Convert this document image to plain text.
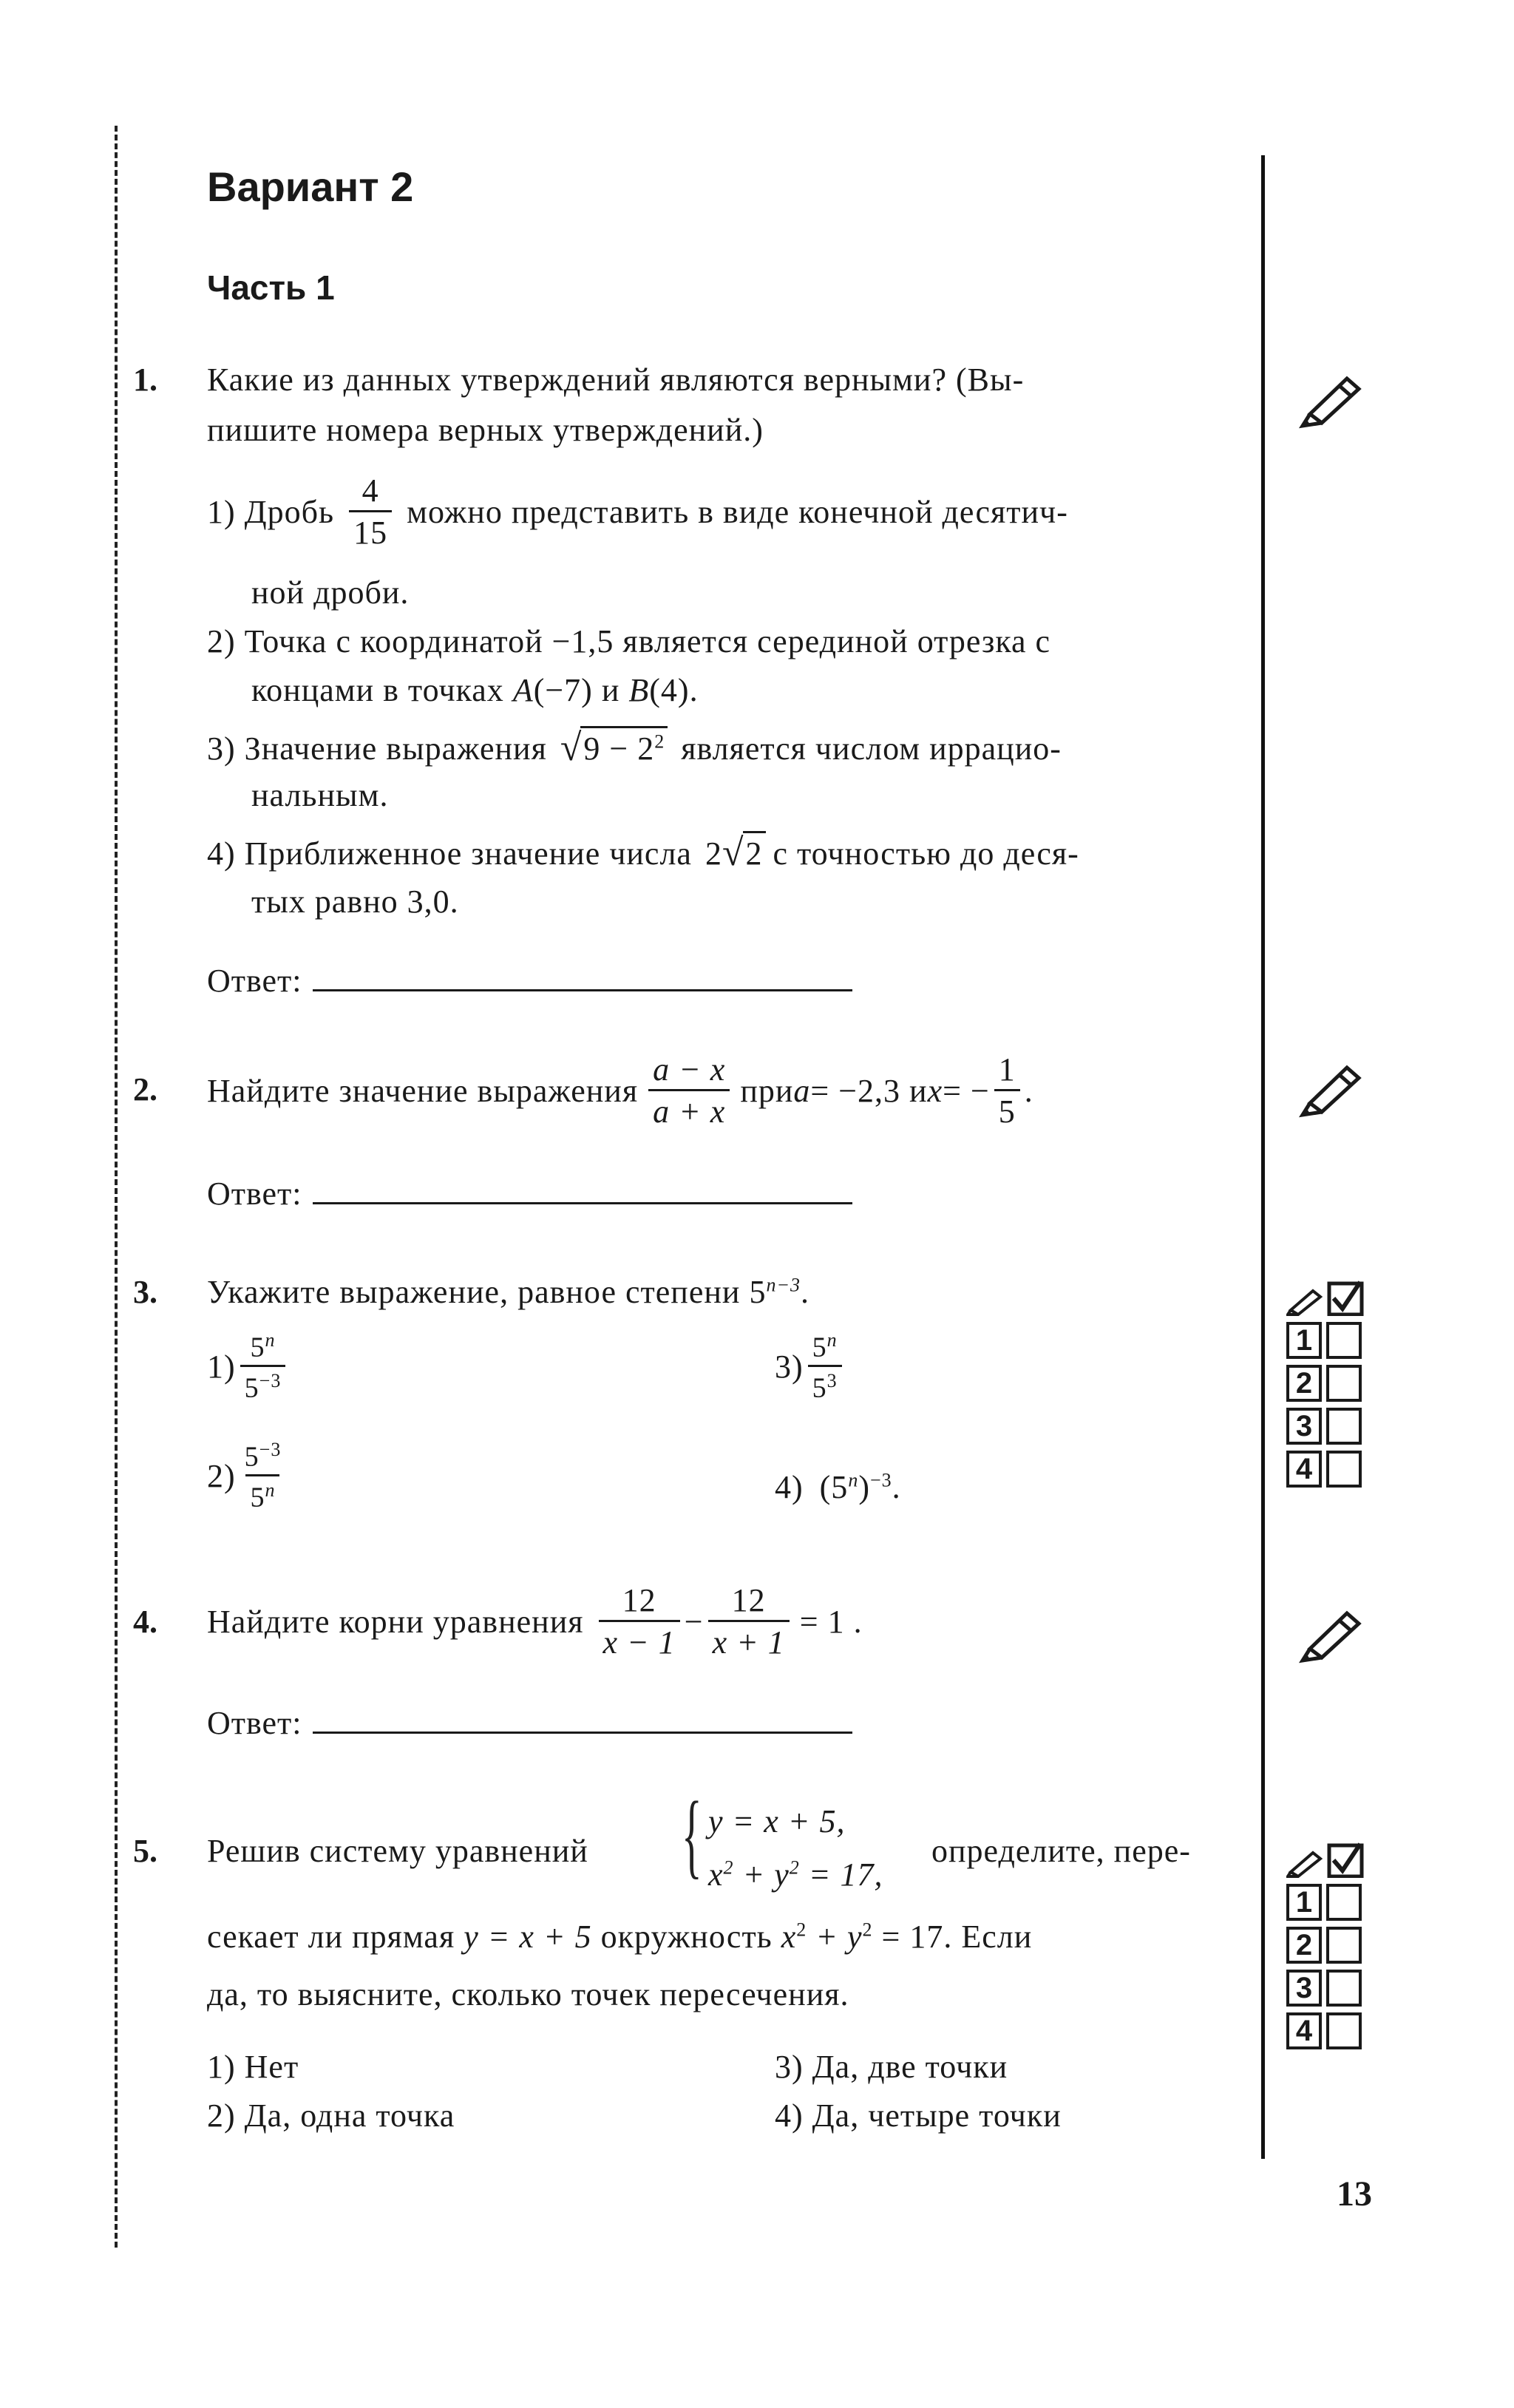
Вариант 2
Часть 1
1. Какие из данных утверждений являются верными? (Вы-
пишите номера верных утверждений.)
1) Дробь $\frac{4}{15}$ можно представить в виде конечной десятич-
ной дроби.
2) Точка с координатой −1,5 является серединой отрезка с
концами в точках A(−7) и B(4).
3) Значение выражения √ $9 - 2^2$ является числом иррацио-
нальным.
4) Приближенное значение числа 2 √ 2 с точностью до деся-
тых равно 3,0.
Ответ:
2. Найдите значение выражения $\frac{a - x}{a + x}$ при a = −2,3 и x = − $\frac{1}{5}$ .
Ответ:
3. Укажите выражение, равное степени $5^{n-3}$.
$1) \frac{5^n}{5^{-3}}$
$2) \frac{5^{-3}}{5^n}$
$3) \frac{5^n}{5^3}$
4) $(5^n)^{-3}$.
4. Найдите корни уравнения $\frac{12}{x - 1} - \frac{12}{x + 1} = 1$ .
Ответ:
5. Решив систему уравнений { y = x + 5,
$x^2 + y^2 = 17$,
определите, пере-
секает ли прямая y = x + 5 окружность $x^2 + y^2 = 17$. Если
да, то выясните, сколько точек пересечения.
1) Нет
2) Да, одна точка
3) Да, две точки
4) Да, четыре точки
13
1
2
3
4
1
2
3
4
